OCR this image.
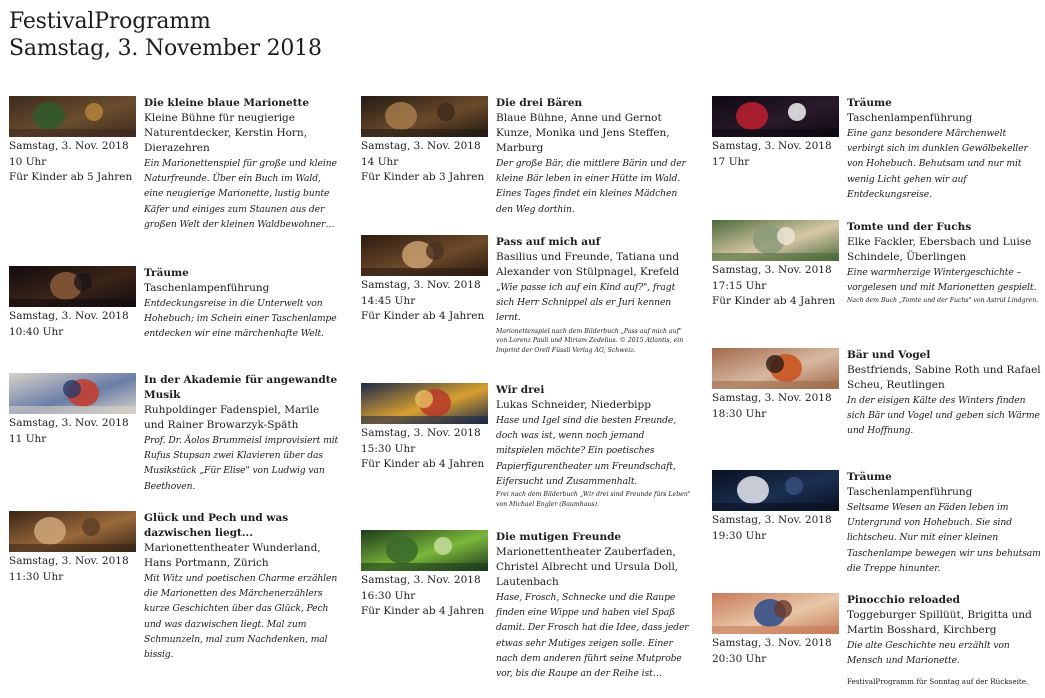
FestivalProgramm
Samstag, 3. November 2018

Samstag, 3. Nov. 2018

10 Uhr

Für Kinder ab 5 Jahren

Die kleine blaue Marionette

Kleine Bühne für neugierige Naturentdecker, Kerstin Horn, Dierazehren

Ein Marionettenspiel für große und kleine Naturfreunde. Über ein Buch im Wald, eine neugierige Marionette, lustig bunte Käfer und einiges zum Staunen aus der großen Welt der kleinen Waldbewohner…

Samstag, 3. Nov. 2018

10:40 Uhr

Träume

Taschenlampenführung

Entdeckungsreise in die Unterwelt von Hohebuch; im Schein einer Taschenlampe entdecken wir eine märchenhafte Welt.

Samstag, 3. Nov. 2018

11 Uhr

In der Akademie für angewandte Musik

Ruhpoldinger Fadenspiel, Marile und Rainer Browarzyk-Späth

Prof. Dr. Äolos Brummeisl improvisiert mit Rufus Stupsan zwei Klavieren über das Musikstück „Für Elise" von Ludwig van Beethoven.

Samstag, 3. Nov. 2018

11:30 Uhr

Glück und Pech und was dazwischen liegt...

Marionettentheater Wunderland, Hans Portmann, Zürich

Mit Witz und poetischen Charme erzählen die Marionetten des Märchenerzählers kurze Geschichten über das Glück, Pech und was dazwischen liegt. Mal zum Schmunzeln, mal zum Nachdenken, mal bissig.

Samstag, 3. Nov. 2018

14 Uhr

Für Kinder ab 3 Jahren

Die drei Bären

Blaue Bühne, Anne und Gernot Kunze, Monika und Jens Steffen, Marburg

Der große Bär, die mittlere Bärin und der kleine Bär leben in einer Hütte im Wald. Eines Tages findet ein kleines Mädchen den Weg dorthin.

Samstag, 3. Nov. 2018

14:45 Uhr

Für Kinder ab 4 Jahren

Pass auf mich auf

Basilius und Freunde, Tatiana und Alexander von Stülpnagel, Krefeld

„Wie passe ich auf ein Kind auf?", fragt sich Herr Schnippel als er Juri kennen lernt.

Marionettenspiel nach dem Bilderbuch „Pass auf mich auf" von Lorenz Pauli und Miriam Zedelius. © 2015 Atlantis, ein Imprint der Orell Füssli Verlag AG, Schweiz.

Samstag, 3. Nov. 2018

15:30 Uhr

Für Kinder ab 4 Jahren

Wir drei

Lukas Schneider, Niederbipp

Hase und Igel sind die besten Freunde, doch was ist, wenn noch jemand mitspielen möchte? Ein poetisches Papierfigurentheater um Freundschaft, Eifersucht und Zusammenhalt.

Frei nach dem Bilderbuch „Wir drei sind Freunde fürs Leben" von Michael Engler (Baumhaus).

Samstag, 3. Nov. 2018

16:30 Uhr

Für Kinder ab 4 Jahren

Die mutigen Freunde

Marionettentheater Zauberfaden, Christel Albrecht und Ursula Doll, Lautenbach

Hase, Frosch, Schnecke und die Raupe finden eine Wippe und haben viel Spaß damit. Der Frosch hat die Idee, dass jeder etwas sehr Mutiges zeigen solle. Einer nach dem anderen führt seine Mutprobe vor, bis die Raupe an der Reihe ist…

Samstag, 3. Nov. 2018

17 Uhr

Träume

Taschenlampenführung

Eine ganz besondere Märchenwelt verbirgt sich im dunklen Gewölbekeller von Hohebuch. Behutsam und nur mit wenig Licht gehen wir auf Entdeckungsreise.

Samstag, 3. Nov. 2018

17:15 Uhr

Für Kinder ab 4 Jahren

Tomte und der Fuchs

Elke Fackler, Ebersbach und Luise Schindele, Überlingen

Eine warmherzige Wintergeschichte – vorgelesen und mit Marionetten gespielt.

Nach dem Buch „Tomte und der Fuchs" von Astrid Lindgren.

Samstag, 3. Nov. 2018

18:30 Uhr

Bär und Vogel

Bestfriends, Sabine Roth und Rafael Scheu, Reutlingen

In der eisigen Kälte des Winters finden sich Bär und Vogel und geben sich Wärme und Hoffnung.

Samstag, 3. Nov. 2018

19:30 Uhr

Träume

Taschenlampenführung

Seltsame Wesen an Fäden leben im Untergrund von Hohebuch. Sie sind lichtscheu. Nur mit einer kleinen Taschenlampe bewegen wir uns behutsam die Treppe hinunter.

Samstag, 3. Nov. 2018

20:30 Uhr

Pinocchio reloaded

Toggeburger Spillüüt, Brigitta und Martin Bosshard, Kirchberg

Die alte Geschichte neu erzählt von Mensch und Marionette.

FestivalProgramm für Sonntag auf der Rückseite.
